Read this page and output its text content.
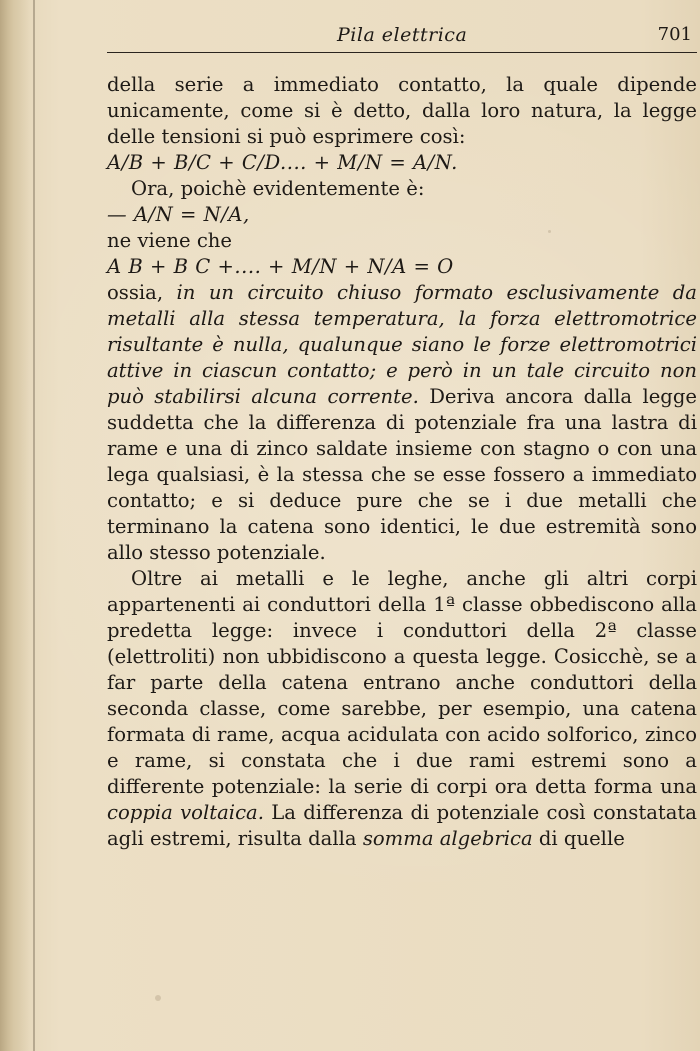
Pila elettrica	701

della serie a immediato contatto, la quale dipende unicamente, come si è detto, dalla loro natura, la legge delle tensioni si può esprimere così:

A/B + B/C + C/D.... + M/N = A/N.

Ora, poichè evidentemente è:

— A/N = N/A,

ne viene che

A B + B C +.... + M/N + N/A = O

ossia, in un circuito chiuso formato esclusivamente da metalli alla stessa temperatura, la forza elettromotrice risultante è nulla, qualunque siano le forze elettromotrici attive in ciascun contatto; e però in un tale circuito non può stabilirsi alcuna corrente. Deriva ancora dalla legge suddetta che la differenza di potenziale fra una lastra di rame e una di zinco saldate insieme con stagno o con una lega qualsiasi, è la stessa che se esse fossero a immediato contatto; e si deduce pure che se i due metalli che terminano la catena sono identici, le due estremità sono allo stesso potenziale.

Oltre ai metalli e le leghe, anche gli altri corpi appartenenti ai conduttori della 1ª classe obbediscono alla predetta legge: invece i conduttori della 2ª classe (elettroliti) non ubbidiscono a questa legge. Cosicchè, se a far parte della catena entrano anche conduttori della seconda classe, come sarebbe, per esempio, una catena formata di rame, acqua acidulata con acido solforico, zinco e rame, si constata che i due rami estremi sono a differente potenziale: la serie di corpi ora detta forma una coppia voltaica. La differenza di potenziale così constatata agli estremi, risulta dalla somma algebrica di quelle
